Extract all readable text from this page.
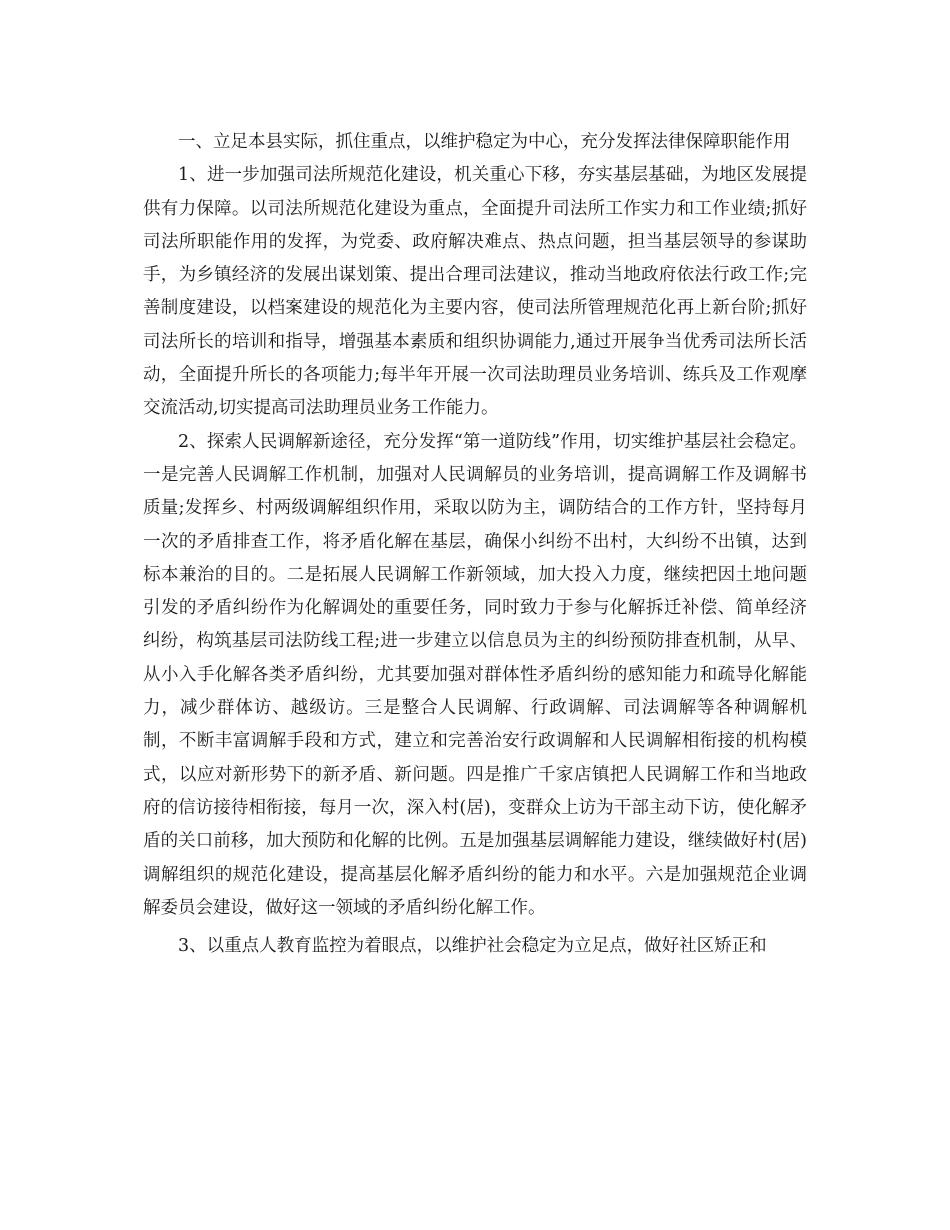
一、立足本县实际，抓住重点，以维护稳定为中心，充分发挥法律保障职能作用

1、进一步加强司法所规范化建设，机关重心下移，夯实基层基础，为地区发展提供有力保障。以司法所规范化建设为重点，全面提升司法所工作实力和工作业绩;抓好司法所职能作用的发挥，为党委、政府解决难点、热点问题，担当基层领导的参谋助手，为乡镇经济的发展出谋划策、提出合理司法建议，推动当地政府依法行政工作;完善制度建设，以档案建设的规范化为主要内容，使司法所管理规范化再上新台阶;抓好司法所长的培训和指导，增强基本素质和组织协调能力,通过开展争当优秀司法所长活动，全面提升所长的各项能力;每半年开展一次司法助理员业务培训、练兵及工作观摩交流活动,切实提高司法助理员业务工作能力。

2、探索人民调解新途径，充分发挥“第一道防线”作用，切实维护基层社会稳定。一是完善人民调解工作机制，加强对人民调解员的业务培训，提高调解工作及调解书质量;发挥乡、村两级调解组织作用，采取以防为主，调防结合的工作方针，坚持每月一次的矛盾排查工作，将矛盾化解在基层，确保小纠纷不出村，大纠纷不出镇，达到标本兼治的目的。二是拓展人民调解工作新领域，加大投入力度，继续把因土地问题引发的矛盾纠纷作为化解调处的重要任务，同时致力于参与化解拆迁补偿、简单经济纠纷，构筑基层司法防线工程;进一步建立以信息员为主的纠纷预防排查机制，从早、从小入手化解各类矛盾纠纷，尤其要加强对群体性矛盾纠纷的感知能力和疏导化解能力，减少群体访、越级访。三是整合人民调解、行政调解、司法调解等各种调解机制，不断丰富调解手段和方式，建立和完善治安行政调解和人民调解相衔接的机构模式，以应对新形势下的新矛盾、新问题。四是推广千家店镇把人民调解工作和当地政府的信访接待相衔接，每月一次，深入村(居)，变群众上访为干部主动下访，使化解矛盾的关口前移，加大预防和化解的比例。五是加强基层调解能力建设，继续做好村(居)调解组织的规范化建设，提高基层化解矛盾纠纷的能力和水平。六是加强规范企业调解委员会建设，做好这一领域的矛盾纠纷化解工作。

3、以重点人教育监控为着眼点，以维护社会稳定为立足点，做好社区矫正和
